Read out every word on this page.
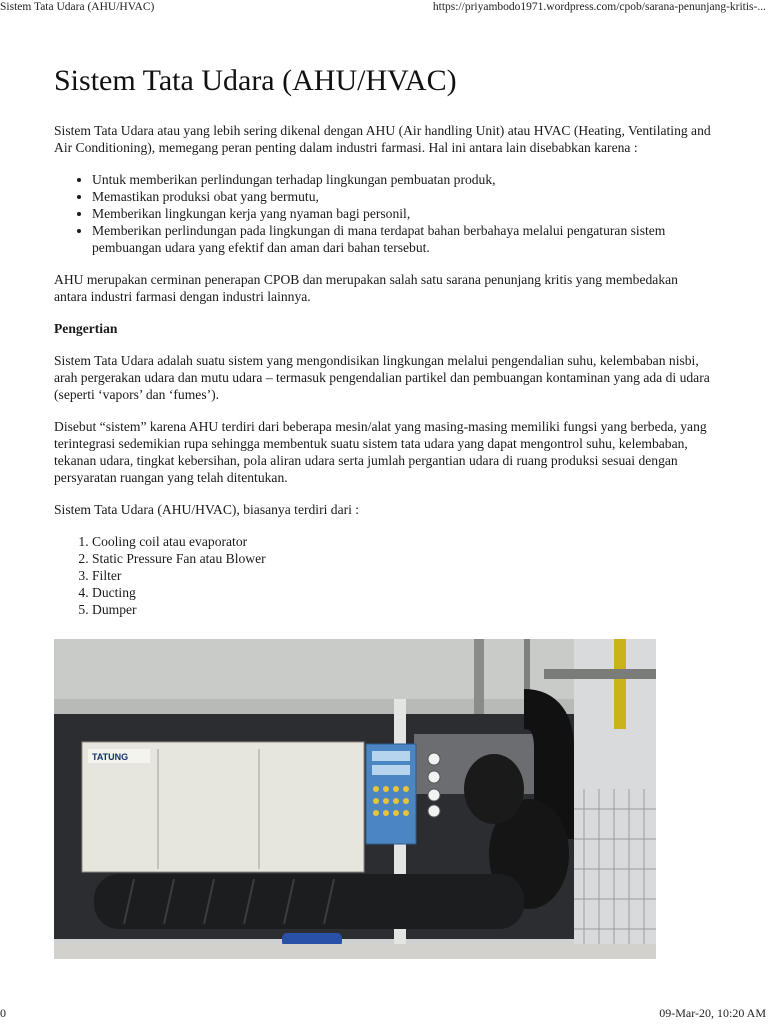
Sistem Tata Udara (AHU/HVAC)	https://priyambodo1971.wordpress.com/cpob/sarana-penunjang-kritis-...
Sistem Tata Udara (AHU/HVAC)

Sistem Tata Udara atau yang lebih sering dikenal dengan AHU (Air handling Unit) atau HVAC (Heating, Ventilating and Air Conditioning), memegang peran penting dalam industri farmasi. Hal ini antara lain disebabkan karena :

• Untuk memberikan perlindungan terhadap lingkungan pembuatan produk,
• Memastikan produksi obat yang bermutu,
• Memberikan lingkungan kerja yang nyaman bagi personil,
• Memberikan perlindungan pada lingkungan di mana terdapat bahan berbahaya melalui pengaturan sistem pembuangan udara yang efektif dan aman dari bahan tersebut.

AHU merupakan cerminan penerapan CPOB dan merupakan salah satu sarana penunjang kritis yang membedakan antara industri farmasi dengan industri lainnya.

Pengertian

Sistem Tata Udara adalah suatu sistem yang mengondisikan lingkungan melalui pengendalian suhu, kelembaban nisbi, arah pergerakan udara dan mutu udara – termasuk pengendalian partikel dan pembuangan kontaminan yang ada di udara (seperti ‘vapors’ dan ‘fumes’).

Disebut “sistem” karena AHU terdiri dari beberapa mesin/alat yang masing-masing memiliki fungsi yang berbeda, yang terintegrasi sedemikian rupa sehingga membentuk suatu sistem tata udara yang dapat mengontrol suhu, kelembaban, tekanan udara, tingkat kebersihan, pola aliran udara serta jumlah pergantian udara di ruang produksi sesuai dengan persyaratan ruangan yang telah ditentukan.

Sistem Tata Udara (AHU/HVAC), biasanya terdiri dari :

1. Cooling coil atau evaporator
2. Static Pressure Fan atau Blower
3. Filter
4. Ducting
5. Dumper
TATUNG
0	09-Mar-20, 10:20 AM
